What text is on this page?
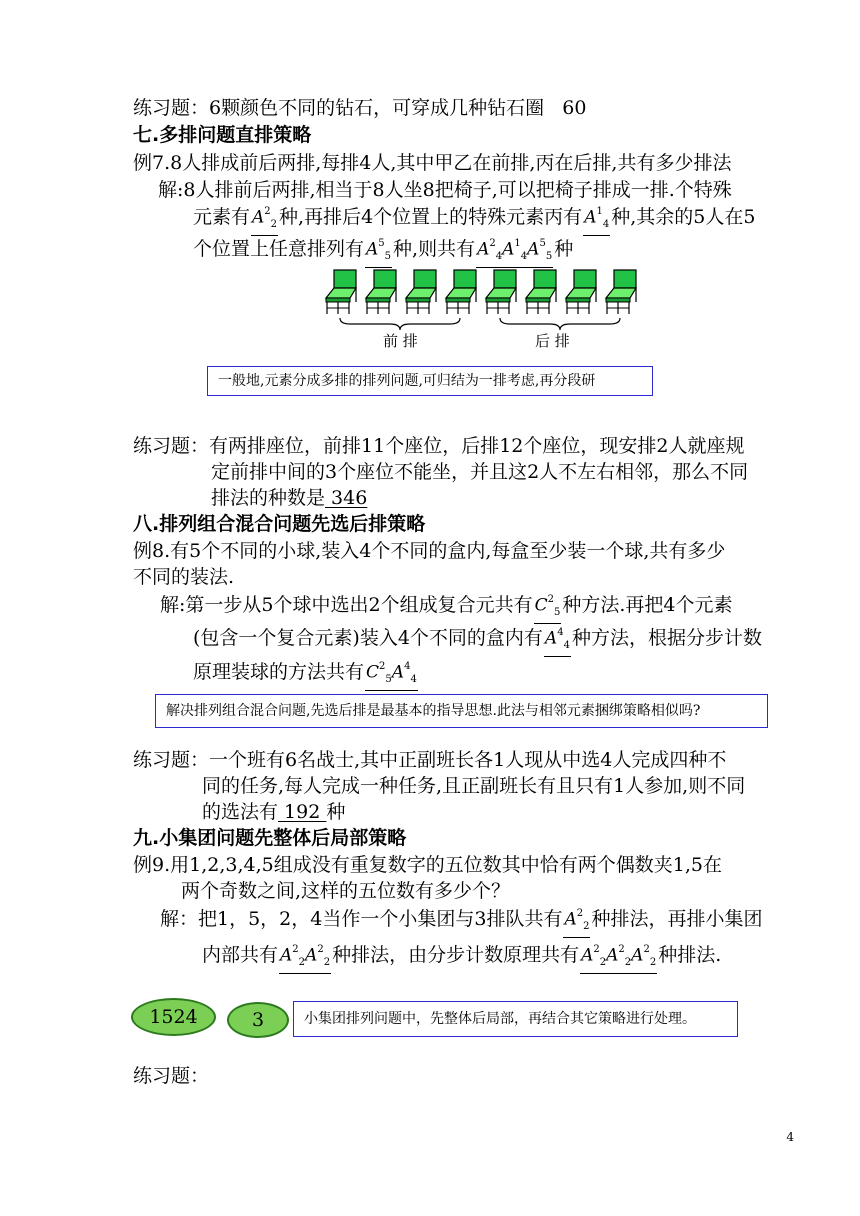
练习题：6颗颜色不同的钻石，可穿成几种钻石圈 60
七.多排问题直排策略
例7.8人排成前后两排,每排4人,其中甲乙在前排,丙在后排,共有多少排法
解:8人排前后两排,相当于8人坐8把椅子,可以把椅子排成一排.个特殊
元素有 $A^2_2$ 种,再排后4个位置上的特殊元素丙有 $A^1_4$ 种,其余的5人在5
个位置上任意排列有 $A^5_5$ 种,则共有 $A^2_4A^1_4A^5_5$ 种
前 排	后 排
一般地,元素分成多排的排列问题,可归结为一排考虑,再分段研
练习题：有两排座位，前排11个座位，后排12个座位，现安排2人就座规
定前排中间的3个座位不能坐，并且这2人不左右相邻，那么不同
排法的种数是 346
八.排列组合混合问题先选后排策略
例8.有5个不同的小球,装入4个不同的盒内,每盒至少装一个球,共有多少
不同的装法.
解:第一步从5个球中选出2个组成复合元共有 $C^2_5$ 种方法.再把4个元素
(包含一个复合元素)装入4个不同的盒内有 $A^4_4$ 种方法，根据分步计数
原理装球的方法共有 $C^2_5A^4_4$
解决排列组合混合问题,先选后排是最基本的指导思想.此法与相邻元素捆绑策略相似吗?
练习题：一个班有6名战士,其中正副班长各1人现从中选4人完成四种不
同的任务,每人完成一种任务,且正副班长有且只有1人参加,则不同
的选法有 192 种
九.小集团问题先整体后局部策略
例9.用1,2,3,4,5组成没有重复数字的五位数其中恰有两个偶数夹1,5在
两个奇数之间,这样的五位数有多少个？
解：把1，5，2，4当作一个小集团与3排队共有 $A^2_2$ 种排法，再排小集团
内部共有 $A^2_2A^2_2$ 种排法，由分步计数原理共有 $A^2_2A^2_2A^2_2$ 种排法.
1524	3	小集团排列问题中，先整体后局部，再结合其它策略进行处理。
练习题：
4
